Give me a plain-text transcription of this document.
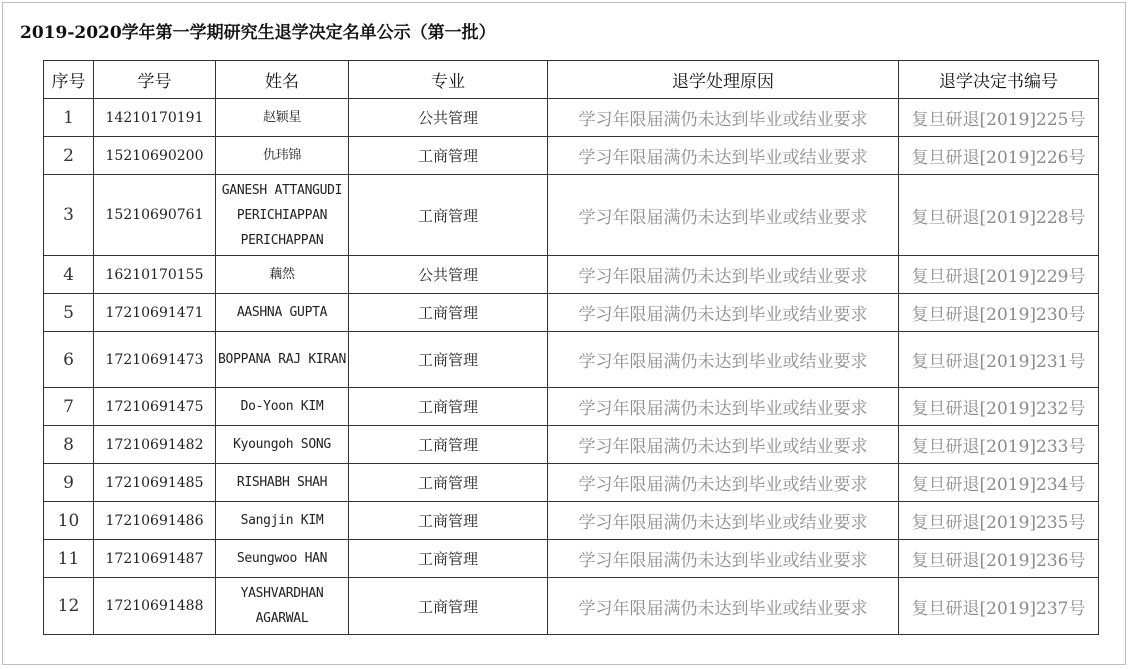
2019-2020学年第一学期研究生退学决定名单公示（第一批）
序号	学号	姓名	专业	退学处理原因	退学决定书编号
1	14210170191	赵颖星	公共管理	学习年限届满仍未达到毕业或结业要求	复旦研退[2019]225号
2	15210690200	仇玮锦	工商管理	学习年限届满仍未达到毕业或结业要求	复旦研退[2019]226号
3	15210690761	GANESH ATTANGUDI PERICHIAPPAN PERICHAPPAN	工商管理	学习年限届满仍未达到毕业或结业要求	复旦研退[2019]228号
4	16210170155	藕然	公共管理	学习年限届满仍未达到毕业或结业要求	复旦研退[2019]229号
5	17210691471	AASHNA GUPTA	工商管理	学习年限届满仍未达到毕业或结业要求	复旦研退[2019]230号
6	17210691473	BOPPANA RAJ KIRAN	工商管理	学习年限届满仍未达到毕业或结业要求	复旦研退[2019]231号
7	17210691475	Do-Yoon KIM	工商管理	学习年限届满仍未达到毕业或结业要求	复旦研退[2019]232号
8	17210691482	Kyoungoh SONG	工商管理	学习年限届满仍未达到毕业或结业要求	复旦研退[2019]233号
9	17210691485	RISHABH SHAH	工商管理	学习年限届满仍未达到毕业或结业要求	复旦研退[2019]234号
10	17210691486	Sangjin KIM	工商管理	学习年限届满仍未达到毕业或结业要求	复旦研退[2019]235号
11	17210691487	Seungwoo HAN	工商管理	学习年限届满仍未达到毕业或结业要求	复旦研退[2019]236号
12	17210691488	YASHVARDHAN AGARWAL	工商管理	学习年限届满仍未达到毕业或结业要求	复旦研退[2019]237号
